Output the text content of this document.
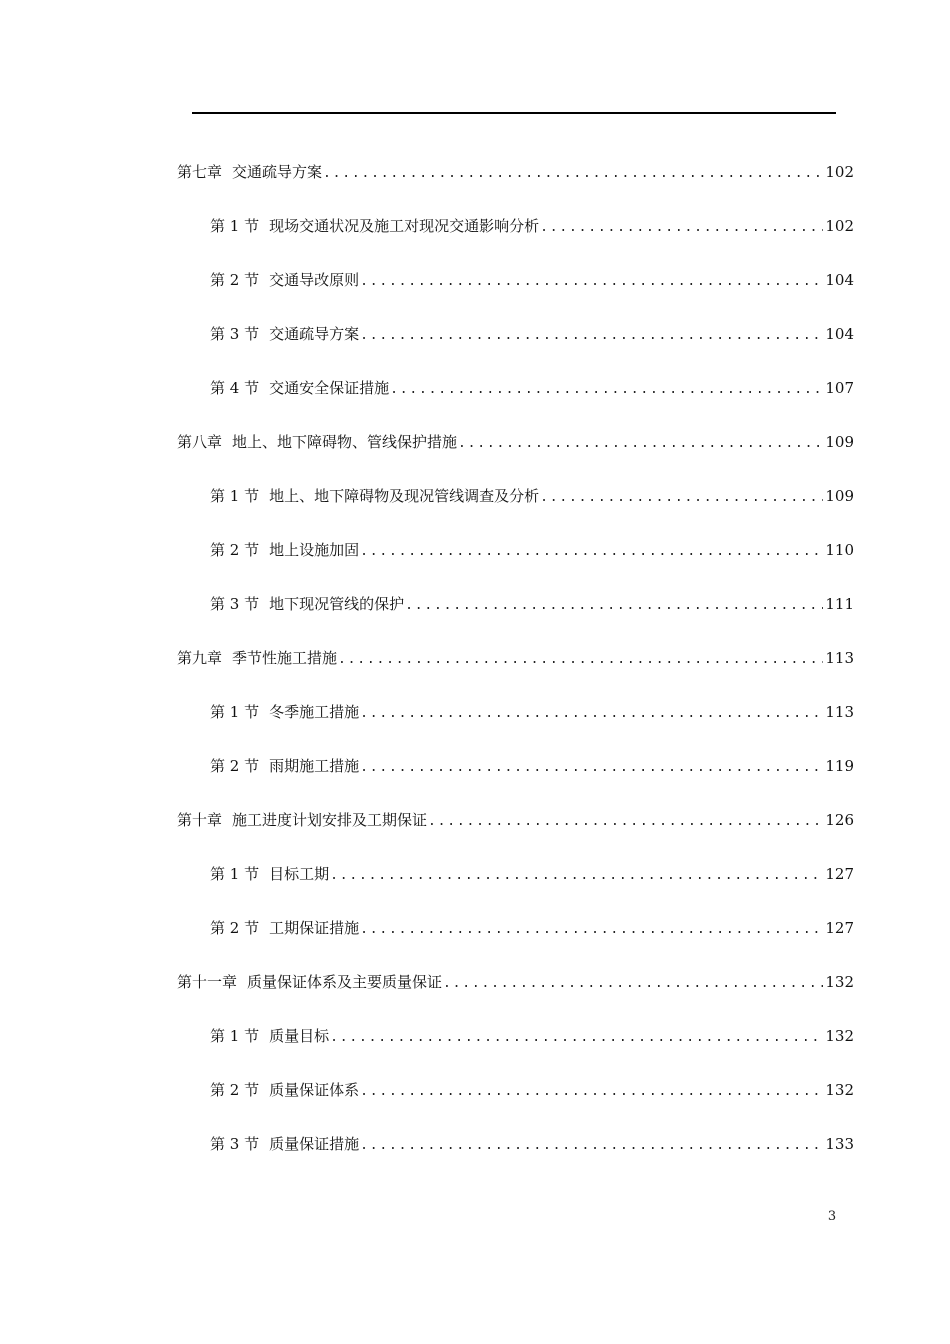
第七章 交通疏导方案 .....	102
第 1 节 现场交通状况及施工对现况交通影响分析 .....	102
第 2 节 交通导改原则 .....	104
第 3 节 交通疏导方案 .....	104
第 4 节 交通安全保证措施 .....	107
第八章 地上、地下障碍物、管线保护措施 .....	109
第 1 节 地上、地下障碍物及现况管线调查及分析 .....	109
第 2 节 地上设施加固 .....	110
第 3 节 地下现况管线的保护 .....	111
第九章 季节性施工措施 .....	113
第 1 节 冬季施工措施 .....	113
第 2 节 雨期施工措施 .....	119
第十章 施工进度计划安排及工期保证 .....	126
第 1 节 目标工期 .....	127
第 2 节 工期保证措施 .....	127
第十一章 质量保证体系及主要质量保证 .....	132
第 1 节 质量目标 .....	132
第 2 节 质量保证体系 .....	132
第 3 节 质量保证措施 .....	133
3
